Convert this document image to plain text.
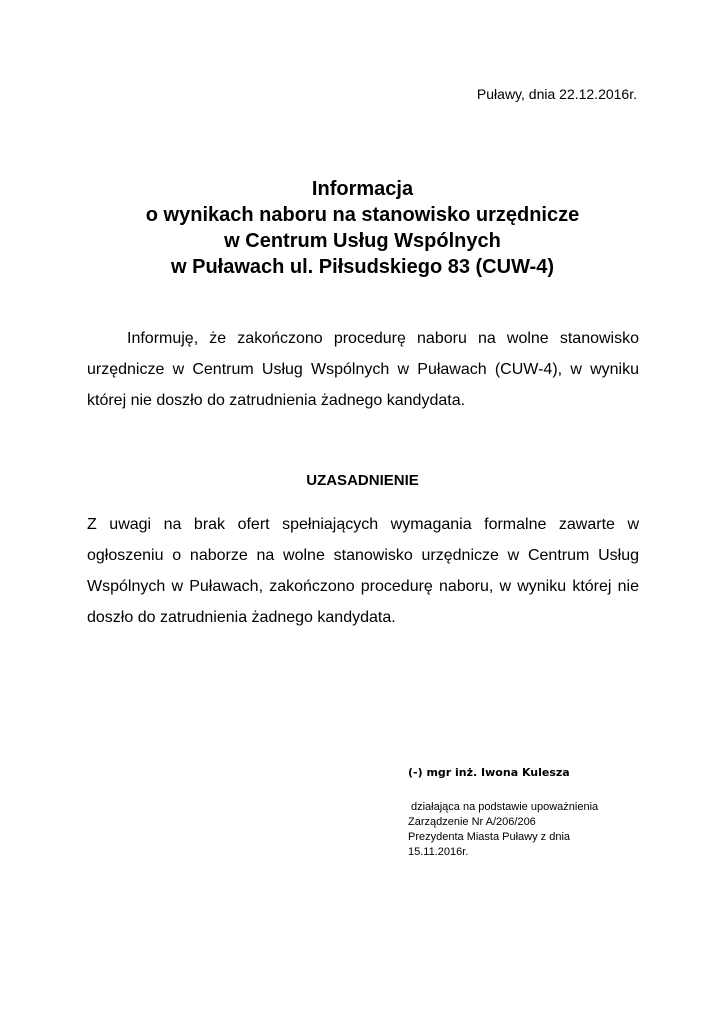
Puławy, dnia 22.12.2016r.
Informacja
o wynikach naboru na stanowisko urzędnicze
w Centrum Usług Wspólnych
w Puławach ul. Piłsudskiego 83 (CUW-4)

Informuję, że zakończono procedurę naboru na wolne stanowisko urzędnicze w Centrum Usług Wspólnych w Puławach (CUW-4), w wyniku której nie doszło do zatrudnienia żadnego kandydata.

UZASADNIENIE

Z uwagi na brak ofert spełniających wymagania formalne zawarte w ogłoszeniu o naborze na wolne stanowisko urzędnicze w Centrum Usług Wspólnych w Puławach, zakończono procedurę naboru, w wyniku której nie doszło do zatrudnienia żadnego kandydata.

(-) mgr inż. Iwona Kulesza
działająca na podstawie upoważnienia
Zarządzenie Nr A/206/206
Prezydenta Miasta Puławy z dnia
15.11.2016r.
